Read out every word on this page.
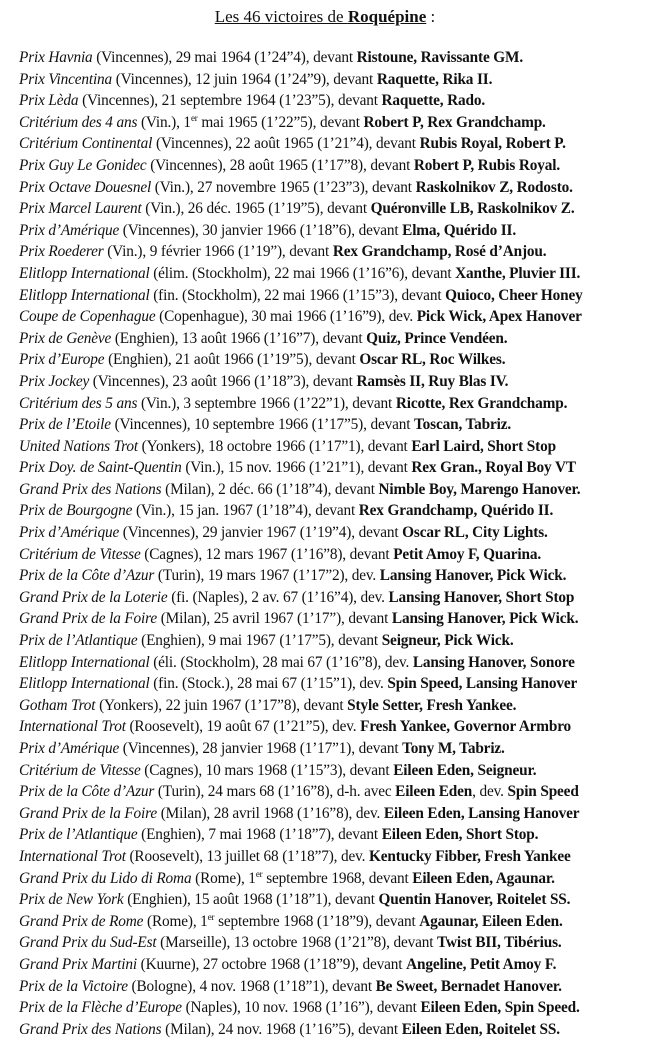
Les 46 victoires de Roquépine :
Prix Havnia (Vincennes), 29 mai 1964 (1’24”4), devant Ristoune, Ravissante GM.
Prix Vincentina (Vincennes), 12 juin 1964 (1’24”9), devant Raquette, Rika II.
Prix Lèda (Vincennes), 21 septembre 1964 (1’23”5), devant Raquette, Rado.
Critérium des 4 ans (Vin.), 1er mai 1965 (1’22”5), devant Robert P, Rex Grandchamp.
Critérium Continental (Vincennes), 22 août 1965 (1’21”4), devant Rubis Royal, Robert P.
Prix Guy Le Gonidec (Vincennes), 28 août 1965 (1’17”8), devant Robert P, Rubis Royal.
Prix Octave Douesnel (Vin.), 27 novembre 1965 (1’23”3), devant Raskolnikov Z, Rodosto.
Prix Marcel Laurent (Vin.), 26 déc. 1965 (1’19”5), devant Quéronville LB, Raskolnikov Z.
Prix d’Amérique (Vincennes), 30 janvier 1966 (1’18”6), devant Elma, Quérido II.
Prix Roederer (Vin.), 9 février 1966 (1’19”), devant Rex Grandchamp, Rosé d’Anjou.
Elitlopp International (élim. (Stockholm), 22 mai 1966 (1’16”6), devant Xanthe, Pluvier III.
Elitlopp International (fin. (Stockholm), 22 mai 1966 (1’15”3), devant Quioco, Cheer Honey
Coupe de Copenhague (Copenhague), 30 mai 1966 (1’16”9), dev. Pick Wick, Apex Hanover
Prix de Genève (Enghien), 13 août 1966 (1’16”7), devant Quiz, Prince Vendéen.
Prix d’Europe (Enghien), 21 août 1966 (1’19”5), devant Oscar RL, Roc Wilkes.
Prix Jockey (Vincennes), 23 août 1966 (1’18”3), devant Ramsès II, Ruy Blas IV.
Critérium des 5 ans (Vin.), 3 septembre 1966 (1’22”1), devant Ricotte, Rex Grandchamp.
Prix de l’Etoile (Vincennes), 10 septembre 1966 (1’17”5), devant Toscan, Tabriz.
United Nations Trot (Yonkers), 18 octobre 1966 (1’17”1), devant Earl Laird, Short Stop
Prix Doy. de Saint-Quentin (Vin.), 15 nov. 1966 (1’21”1), devant Rex Gran., Royal Boy VT
Grand Prix des Nations (Milan), 2 déc. 66 (1’18”4), devant Nimble Boy, Marengo Hanover.
Prix de Bourgogne (Vin.), 15 jan. 1967 (1’18”4), devant Rex Grandchamp, Quérido II.
Prix d’Amérique (Vincennes), 29 janvier 1967 (1’19”4), devant Oscar RL, City Lights.
Critérium de Vitesse (Cagnes), 12 mars 1967 (1’16”8), devant Petit Amoy F, Quarina.
Prix de la Côte d’Azur (Turin), 19 mars 1967 (1’17”2), dev. Lansing Hanover, Pick Wick.
Grand Prix de la Loterie (fi. (Naples), 2 av. 67 (1’16”4), dev. Lansing Hanover, Short Stop
Grand Prix de la Foire (Milan), 25 avril 1967 (1’17”), devant Lansing Hanover, Pick Wick.
Prix de l’Atlantique (Enghien), 9 mai 1967 (1’17”5), devant Seigneur, Pick Wick.
Elitlopp International (éli. (Stockholm), 28 mai 67 (1’16”8), dev. Lansing Hanover, Sonore
Elitlopp International (fin. (Stock.), 28 mai 67 (1’15”1), dev. Spin Speed, Lansing Hanover
Gotham Trot (Yonkers), 22 juin 1967 (1’17”8), devant Style Setter, Fresh Yankee.
International Trot (Roosevelt), 19 août 67 (1’21”5), dev. Fresh Yankee, Governor Armbro
Prix d’Amérique (Vincennes), 28 janvier 1968 (1’17”1), devant Tony M, Tabriz.
Critérium de Vitesse (Cagnes), 10 mars 1968 (1’15”3), devant Eileen Eden, Seigneur.
Prix de la Côte d’Azur (Turin), 24 mars 68 (1’16”8), d-h. avec Eileen Eden, dev. Spin Speed
Grand Prix de la Foire (Milan), 28 avril 1968 (1’16”8), dev. Eileen Eden, Lansing Hanover
Prix de l’Atlantique (Enghien), 7 mai 1968 (1’18”7), devant Eileen Eden, Short Stop.
International Trot (Roosevelt), 13 juillet 68 (1’18”7), dev. Kentucky Fibber, Fresh Yankee
Grand Prix du Lido di Roma (Rome), 1er septembre 1968, devant Eileen Eden, Agaunar.
Prix de New York (Enghien), 15 août 1968 (1’18”1), devant Quentin Hanover, Roitelet SS.
Grand Prix de Rome (Rome), 1er septembre 1968 (1’18”9), devant Agaunar, Eileen Eden.
Grand Prix du Sud-Est (Marseille), 13 octobre 1968 (1’21”8), devant Twist BII, Tibérius.
Grand Prix Martini (Kuurne), 27 octobre 1968 (1’18”9), devant Angeline, Petit Amoy F.
Prix de la Victoire (Bologne), 4 nov. 1968 (1’18”1), devant Be Sweet, Bernadet Hanover.
Prix de la Flèche d’Europe (Naples), 10 nov. 1968 (1’16”), devant Eileen Eden, Spin Speed.
Grand Prix des Nations (Milan), 24 nov. 1968 (1’16”5), devant Eileen Eden, Roitelet SS.
